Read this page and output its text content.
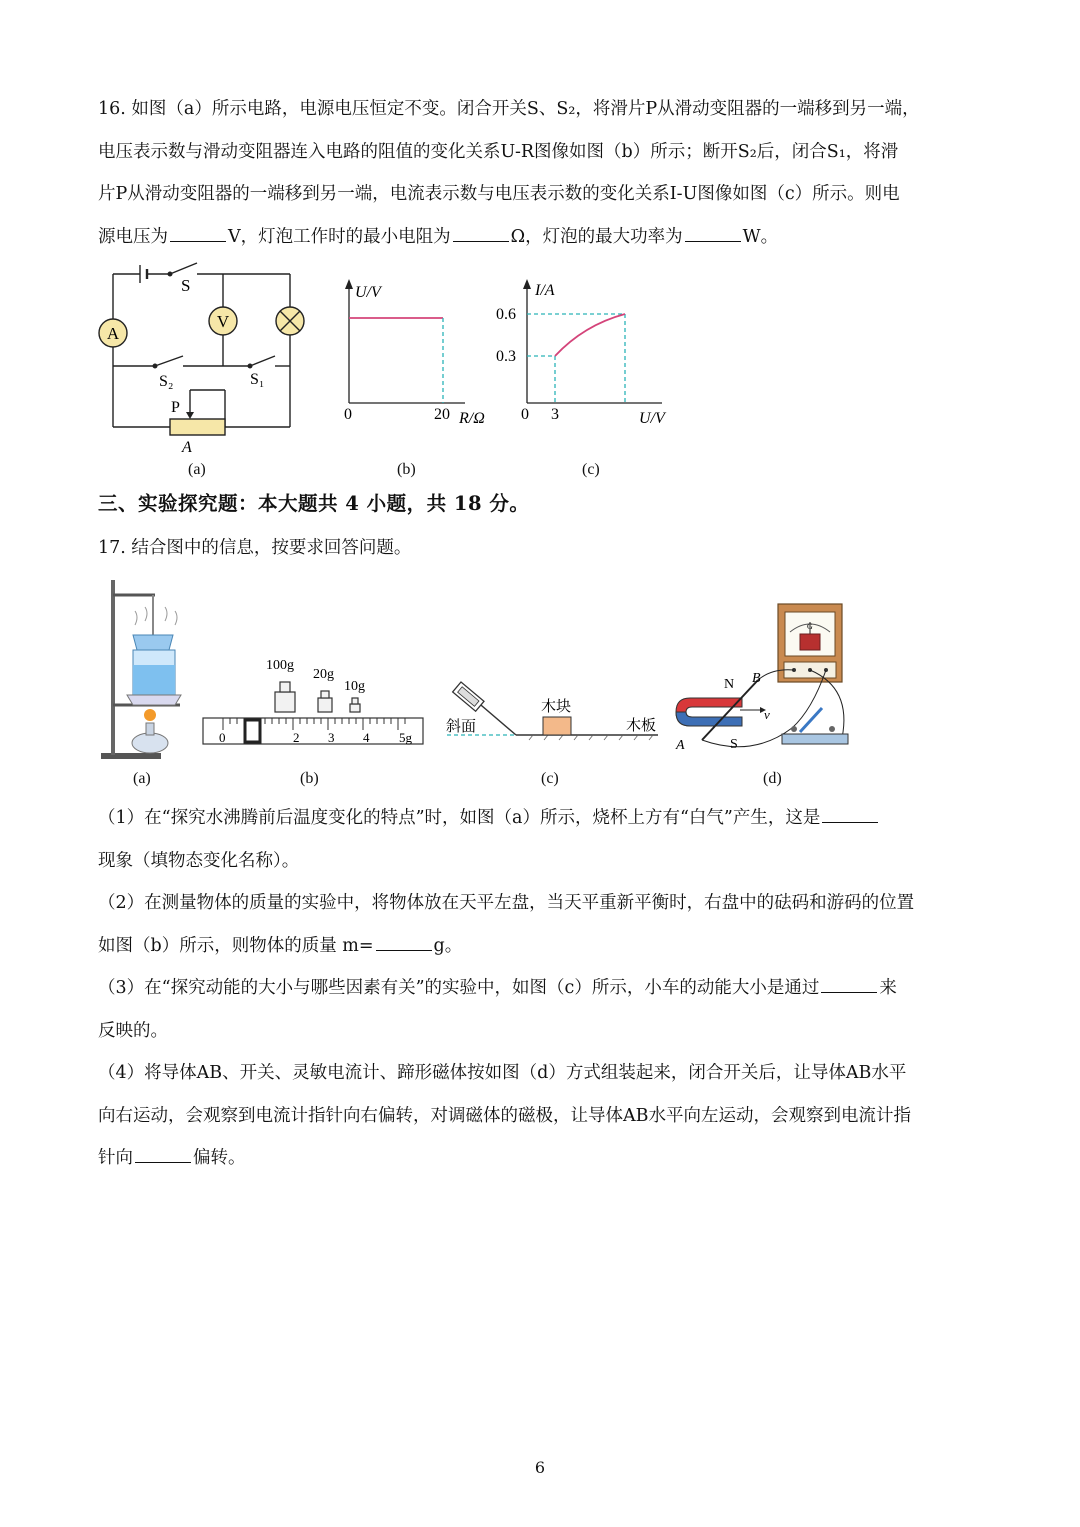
16. 如图（a）所示电路，电源电压恒定不变。闭合开关S、S₂，将滑片P从滑动变阻器的一端移到另一端，

电压表示数与滑动变阻器连入电路的阻值的变化关系U-R图像如图（b）所示；断开S₂后，闭合S₁，将滑

片P从滑动变阻器的一端移到另一端，电流表示数与电压表示数的变化关系I-U图像如图（c）所示。则电

源电压为	V，灯泡工作时的最小电阻为	Ω，灯泡的最大功率为	W。

A
V
S
S₂	S₁
P
A
(a)
U/V
0	20 R/Ω
(b)
I/A
0.6
0.3
0 3	U/V
(c)
三、实验探究题：本大题共 4 小题，共 18 分。

17. 结合图中的信息，按要求回答问题。

(a)
100g
20g
10g
0	2 3 4 5g
(b)
斜面
木块
木板
(c)
G
N B
v
S
A
(d)

（1）在“探究水沸腾前后温度变化的特点”时，如图（a）所示，烧杯上方有“白气”产生，这是

现象（填物态变化名称）。

（2）在测量物体的质量的实验中，将物体放在天平左盘，当天平重新平衡时，右盘中的砝码和游码的位置

如图（b）所示，则物体的质量 m=	g。

（3）在“探究动能的大小与哪些因素有关”的实验中，如图（c）所示，小车的动能大小是通过	来

反映的。

（4）将导体AB、开关、灵敏电流计、蹄形磁体按如图（d）方式组装起来，闭合开关后，让导体AB水平

向右运动，会观察到电流计指针向右偏转，对调磁体的磁极，让导体AB水平向左运动，会观察到电流计指

针向	偏转。

6
